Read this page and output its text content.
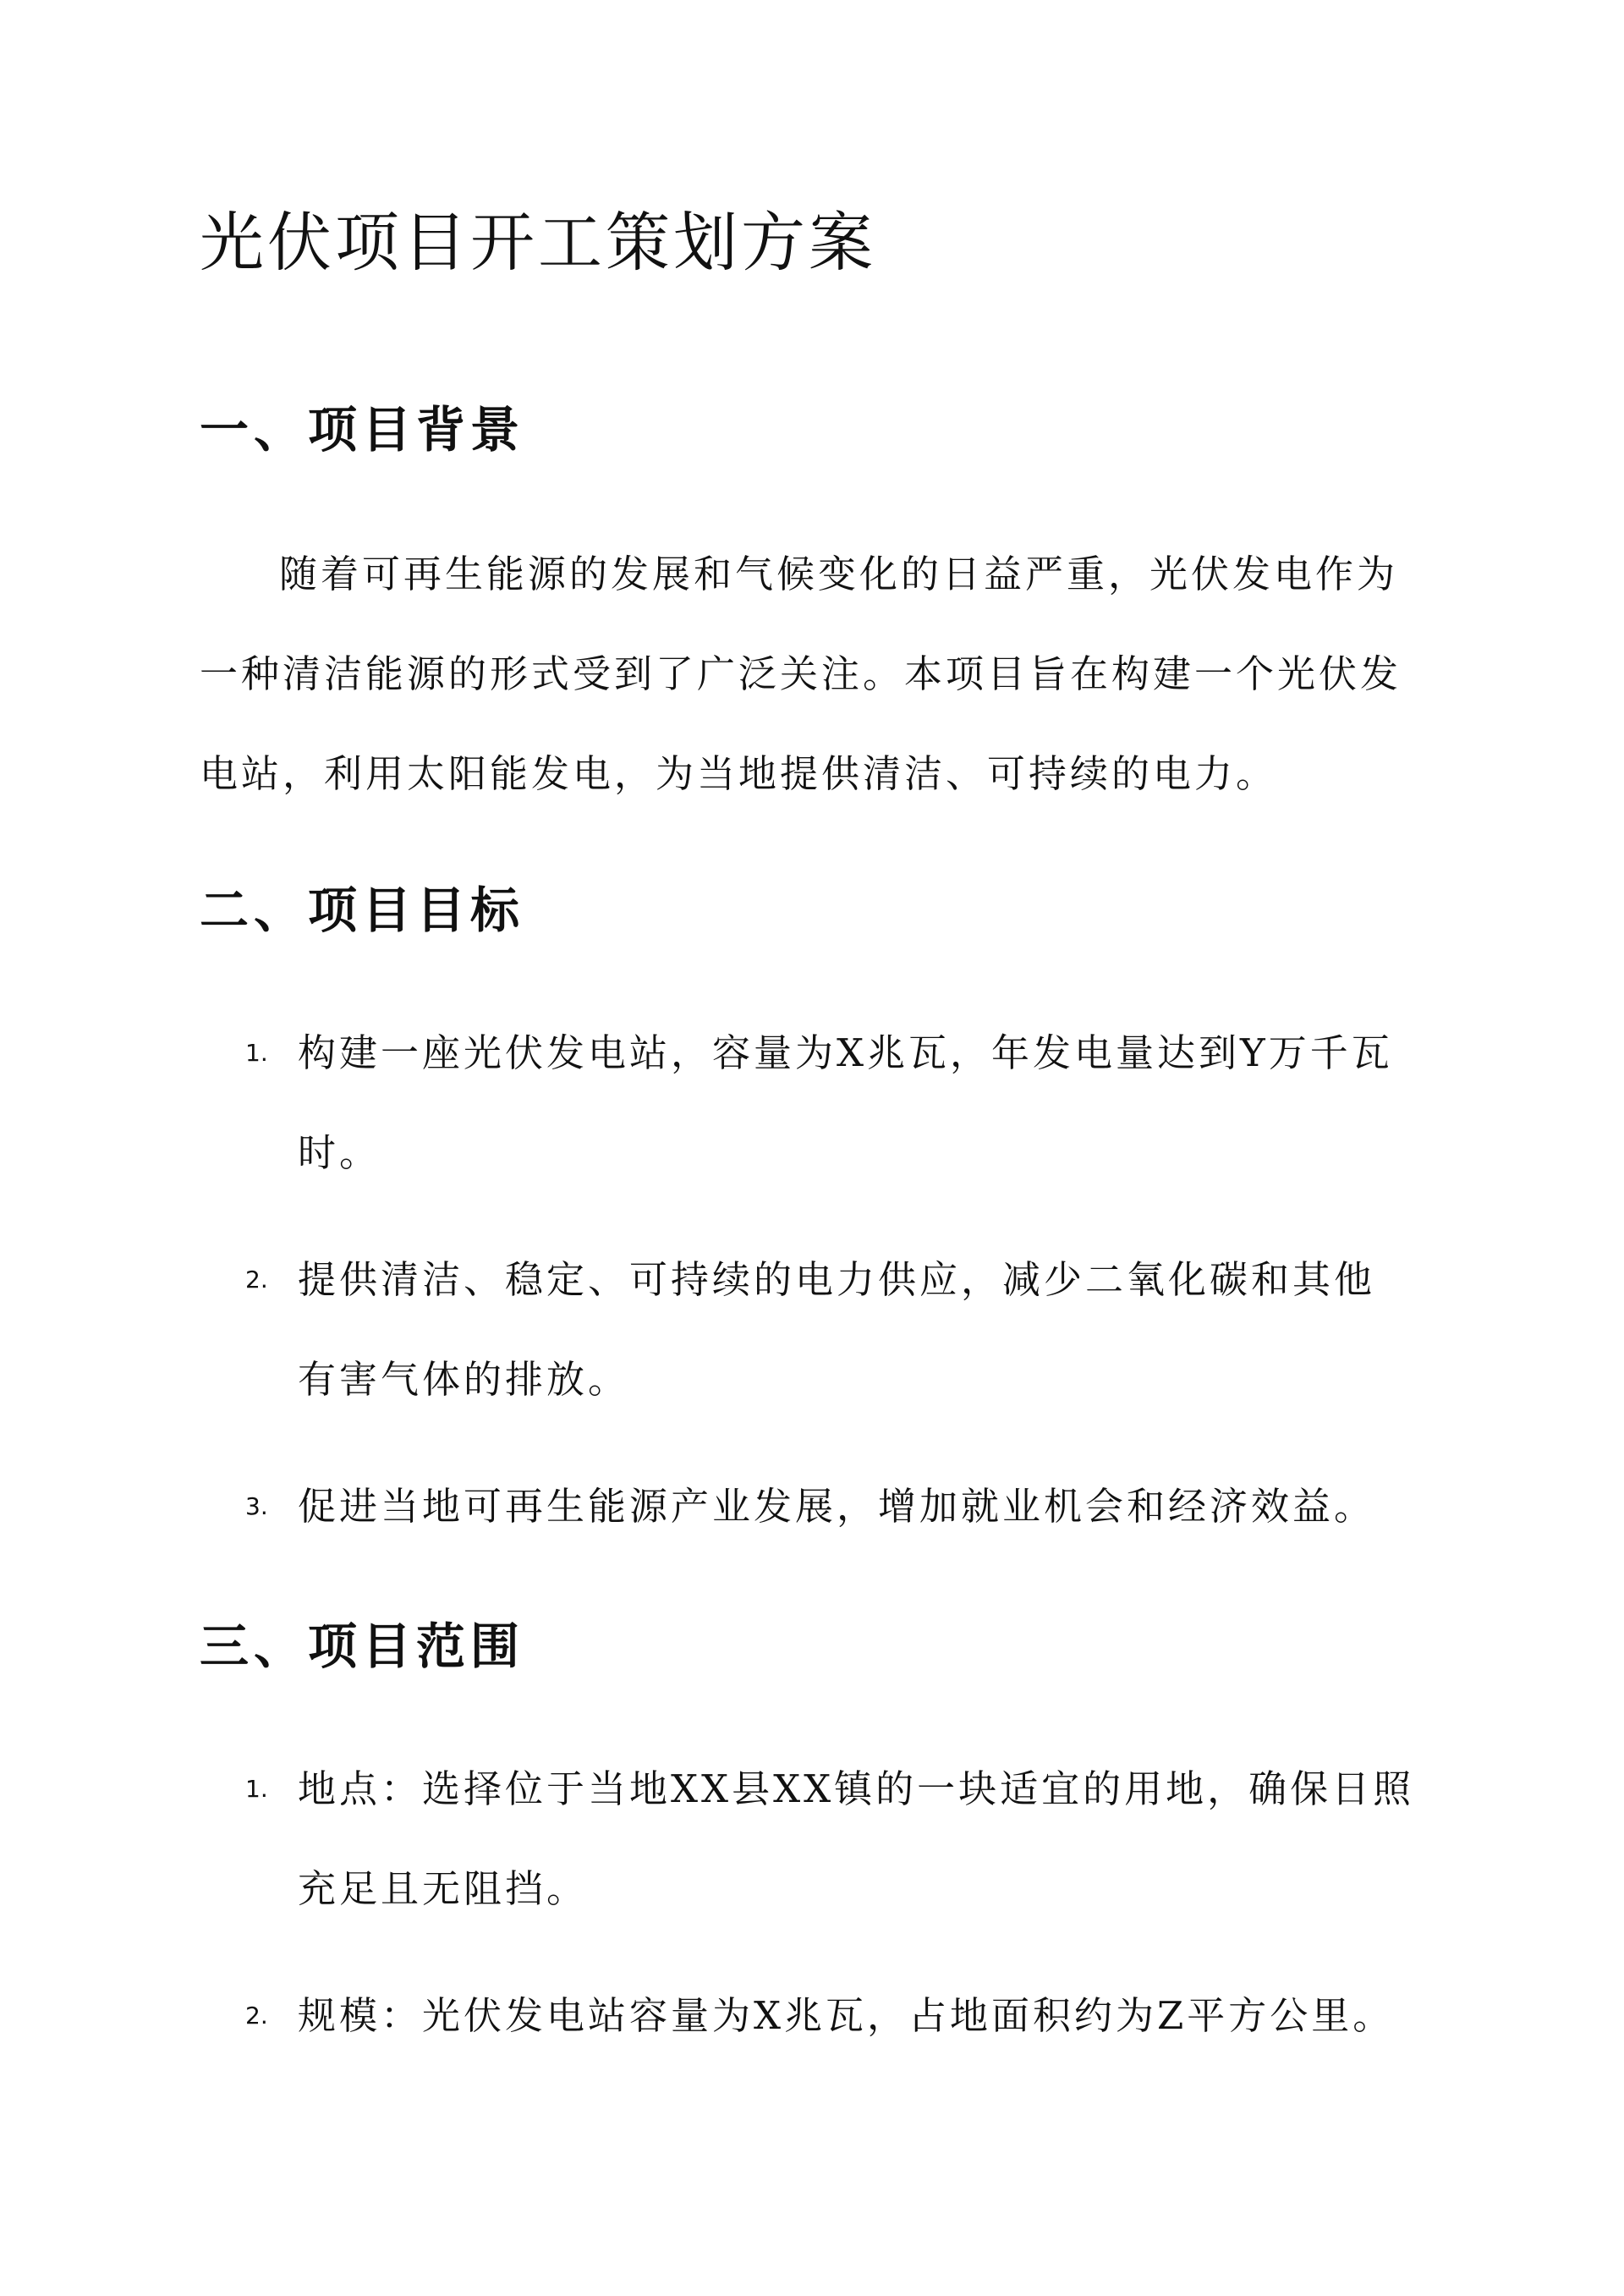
光伏项目开工策划方案
一、项目背景

随着可再生能源的发展和气候变化的日益严重，光伏发电作为

一种清洁能源的形式受到了广泛关注。本项目旨在构建一个光伏发

电站，利用太阳能发电，为当地提供清洁、可持续的电力。

二、项目目标
1. 构建一座光伏发电站，容量为X兆瓦，年发电量达到Y万千瓦

时。

2. 提供清洁、稳定、可持续的电力供应，减少二氧化碳和其他

有害气体的排放。

3. 促进当地可再生能源产业发展，增加就业机会和经济效益。

三、项目范围
1. 地点：选择位于当地XX县XX镇的一块适宜的用地，确保日照

充足且无阻挡。

2. 规模：光伏发电站容量为X兆瓦，占地面积约为Z平方公里。
